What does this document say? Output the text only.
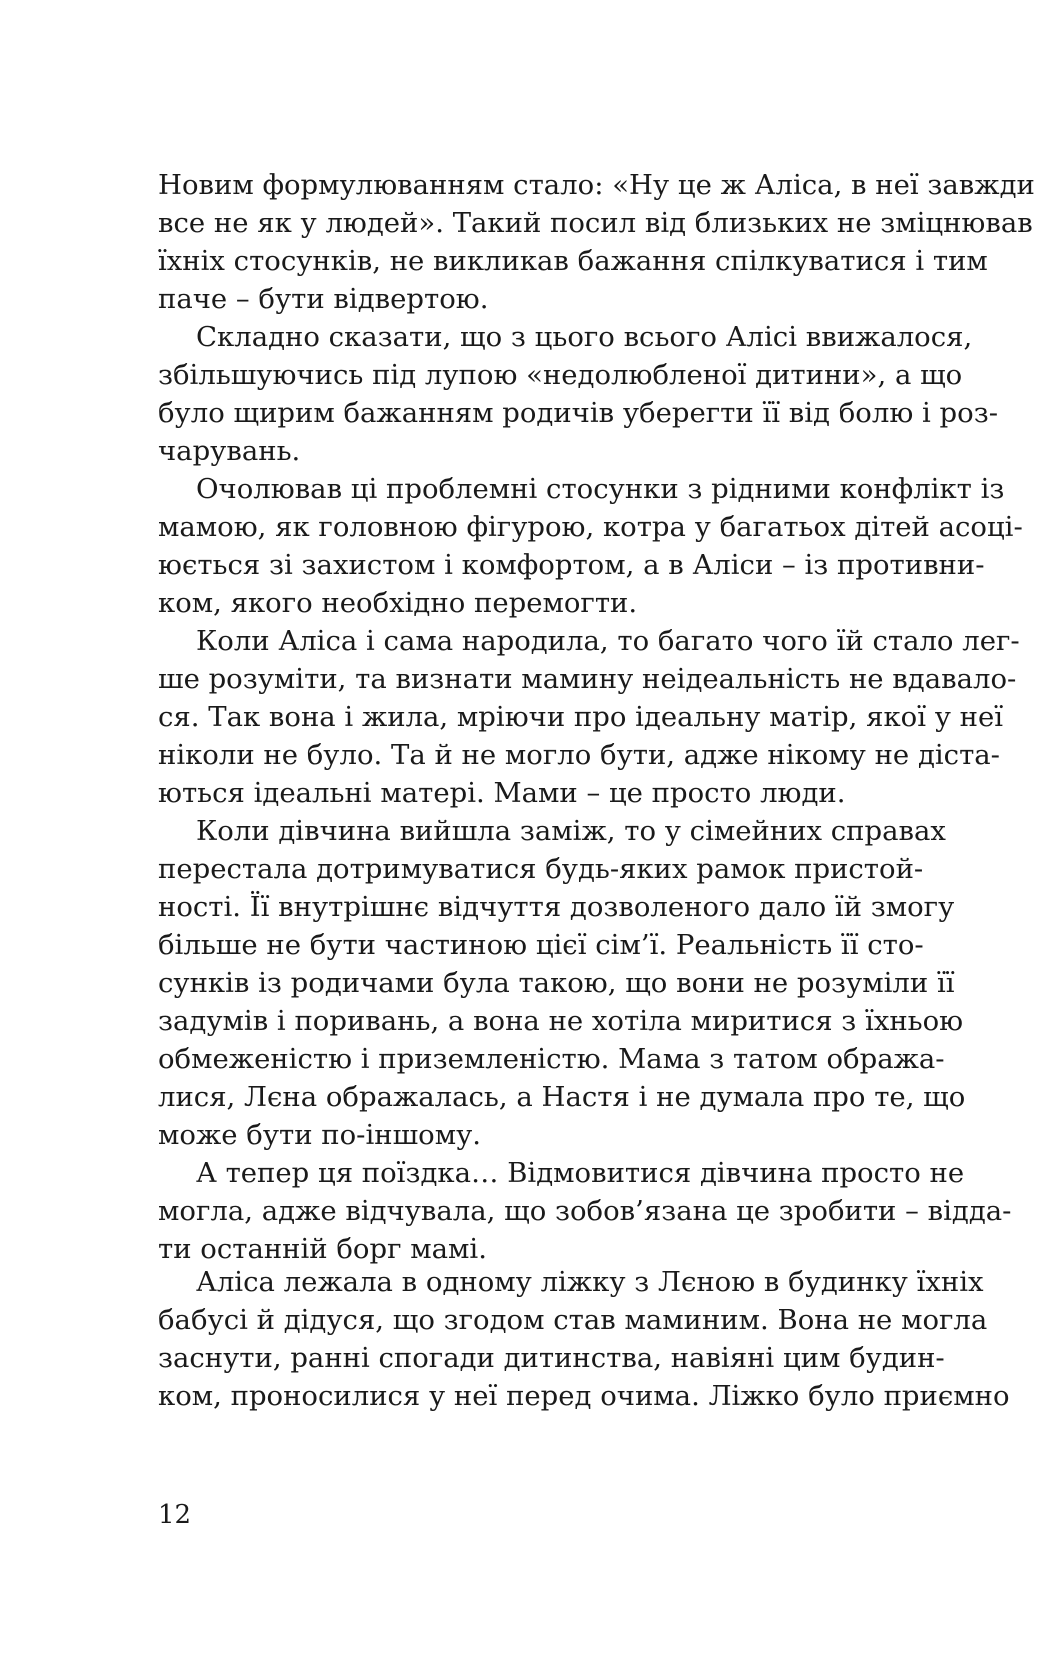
Новим формулюванням стало: «Ну це ж Аліса, в неї завжди
все не як у людей». Такий посил від близьких не зміцнював
їхніх стосунків, не викликав бажання спілкуватися і тим
паче – бути відвертою.
Складно сказати, що з цього всього Алісі ввижалося,
збільшуючись під лупою «недолюбленої дитини», а що
було щирим бажанням родичів уберегти її від болю і роз-
чарувань.
Очолював ці проблемні стосунки з рідними конфлікт із
мамою, як головною фігурою, котра у багатьох дітей асоці-
юється зі захистом і комфортом, а в Аліси – із противни-
ком, якого необхідно перемогти.
Коли Аліса і сама народила, то багато чого їй стало лег-
ше розуміти, та визнати мамину неідеальність не вдавало-
ся. Так вона і жила, мріючи про ідеальну матір, якої у неї
ніколи не було. Та й не могло бути, адже нікому не діста-
ються ідеальні матері. Мами – це просто люди.
Коли дівчина вийшла заміж, то у сімейних справах
перестала дотримуватися будь-яких рамок пристой-
ності. Її внутрішнє відчуття дозволеного дало їй змогу
більше не бути частиною цієї сім’ї. Реальність її сто-
сунків із родичами була такою, що вони не розуміли її
задумів і поривань, а вона не хотіла миритися з їхньою
обмеженістю і приземленістю. Мама з татом обража-
лися, Лєна ображалась, а Настя і не думала про те, що
може бути по-іншому.
А тепер ця поїздка… Відмовитися дівчина просто не
могла, адже відчувала, що зобов’язана це зробити – відда-
ти останній борг мамі.
Аліса лежала в одному ліжку з Лєною в будинку їхніх
бабусі й дідуся, що згодом став маминим. Вона не могла
заснути, ранні спогади дитинства, навіяні цим будин-
ком, проносилися у неї перед очима. Ліжко було приємно
12
